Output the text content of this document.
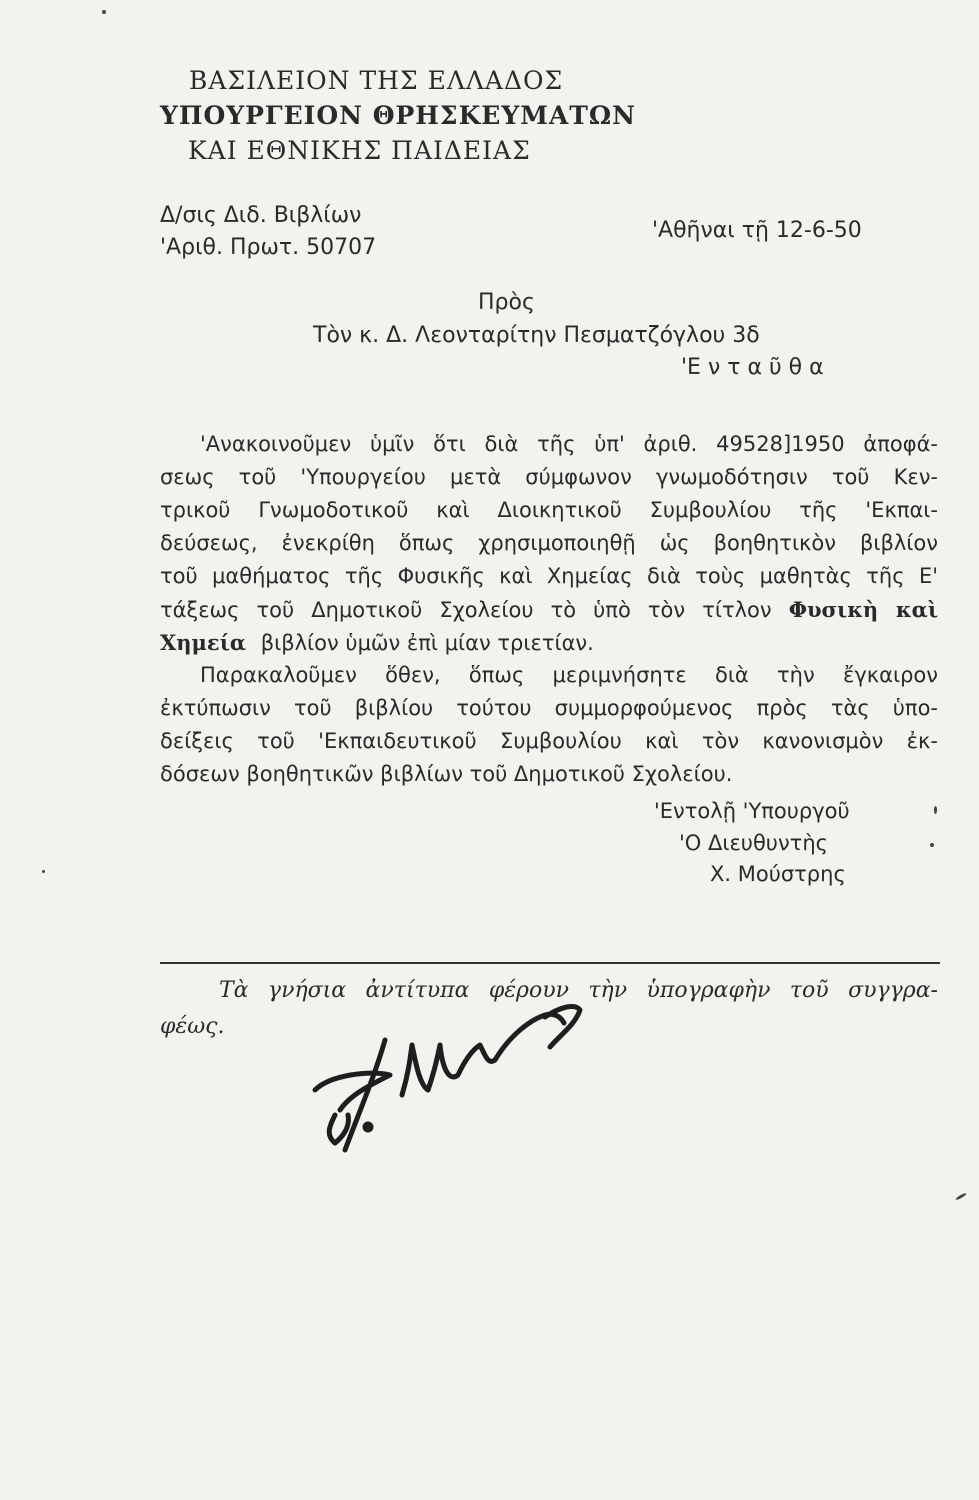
ΒΑΣΙΛΕΙΟΝ ΤΗΣ ΕΛΛΑΔΟΣ
ΥΠΟΥΡΓΕΙΟΝ ΘΡΗΣΚΕΥΜΑΤΩΝ
ΚΑΙ ΕΘΝΙΚΗΣ ΠΑΙΔΕΙΑΣ
Δ/σις Διδ. Βιβλίων
'Αριθ. Πρωτ. 50707
'Αθῆναι τῇ 12-6-50
Πρὸς
Τὸν κ. Δ. Λεονταρίτην Πεσματζόγλου 3δ
'Ε ν τ α ῦ θ α
'Ανακοινοῦμεν ὑμῖν ὅτι διὰ τῆς ὑπ' ἀριθ. 49528]1950 ἀποφά-
σεως τοῦ 'Υπουργείου μετὰ σύμφωνον γνωμοδότησιν τοῦ Κεν-
τρικοῦ Γνωμοδοτικοῦ καὶ Διοικητικοῦ Συμβουλίου τῆς 'Εκπαι-
δεύσεως, ἐνεκρίθη ὅπως χρησιμοποιηθῇ ὡς βοηθητικὸν βιβλίον
τοῦ μαθήματος τῆς Φυσικῆς καὶ Χημείας διὰ τοὺς μαθητὰς τῆς Ε'
τάξεως τοῦ Δημοτικοῦ Σχολείου τὸ ὑπὸ τὸν τίτλον Φυσικὴ καὶ
Χημεία βιβλίον ὑμῶν ἐπὶ μίαν τριετίαν.
Παρακαλοῦμεν ὅθεν, ὅπως μεριμνήσητε διὰ τὴν ἔγκαιρον
ἐκτύπωσιν τοῦ βιβλίου τούτου συμμορφούμενος πρὸς τὰς ὑπο-
δείξεις τοῦ 'Εκπαιδευτικοῦ Συμβουλίου καὶ τὸν κανονισμὸν ἐκ-
δόσεων βοηθητικῶν βιβλίων τοῦ Δημοτικοῦ Σχολείου.
'Εντολῇ 'Υπουργοῦ
'Ο Διευθυντὴς
Χ. Μούστρης
Τὰ γνήσια ἀντίτυπα φέρουν τὴν ὑπογραφὴν τοῦ συγγρα-
φέως.
